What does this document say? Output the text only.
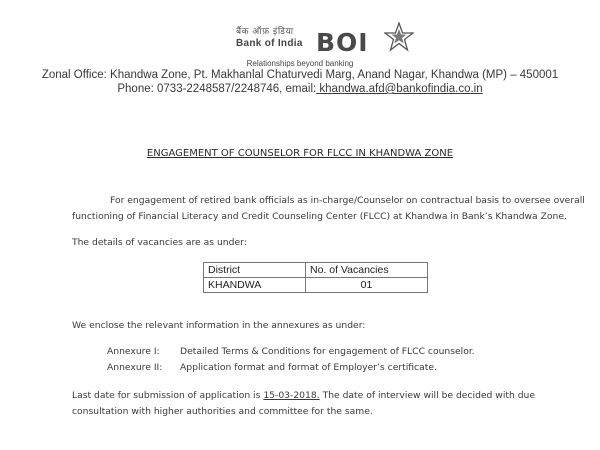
बैंक ऑफ़ इंडिया
Bank of India BOI
Relationships beyond banking
Zonal Office: Khandwa Zone, Pt. Makhanlal Chaturvedi Marg, Anand Nagar, Khandwa (MP) – 450001
Phone: 0733-2248587/2248746, email: khandwa.afd@bankofindia.co.in
ENGAGEMENT OF COUNSELOR FOR FLCC IN KHANDWA ZONE
For engagement of retired bank officials as in-charge/Counselor on contractual basis to oversee overall
functioning of Financial Literacy and Credit Counseling Center (FLCC) at Khandwa in Bank’s Khandwa Zone.
The details of vacancies are as under:
District	No. of Vacancies
KHANDWA	01
We enclose the relevant information in the annexures as under:
Annexure I: Detailed Terms & Conditions for engagement of FLCC counselor.
Annexure II: Application format and format of Employer’s certificate.
Last date for submission of application is 15-03-2018. The date of interview will be decided with due
consultation with higher authorities and committee for the same.
